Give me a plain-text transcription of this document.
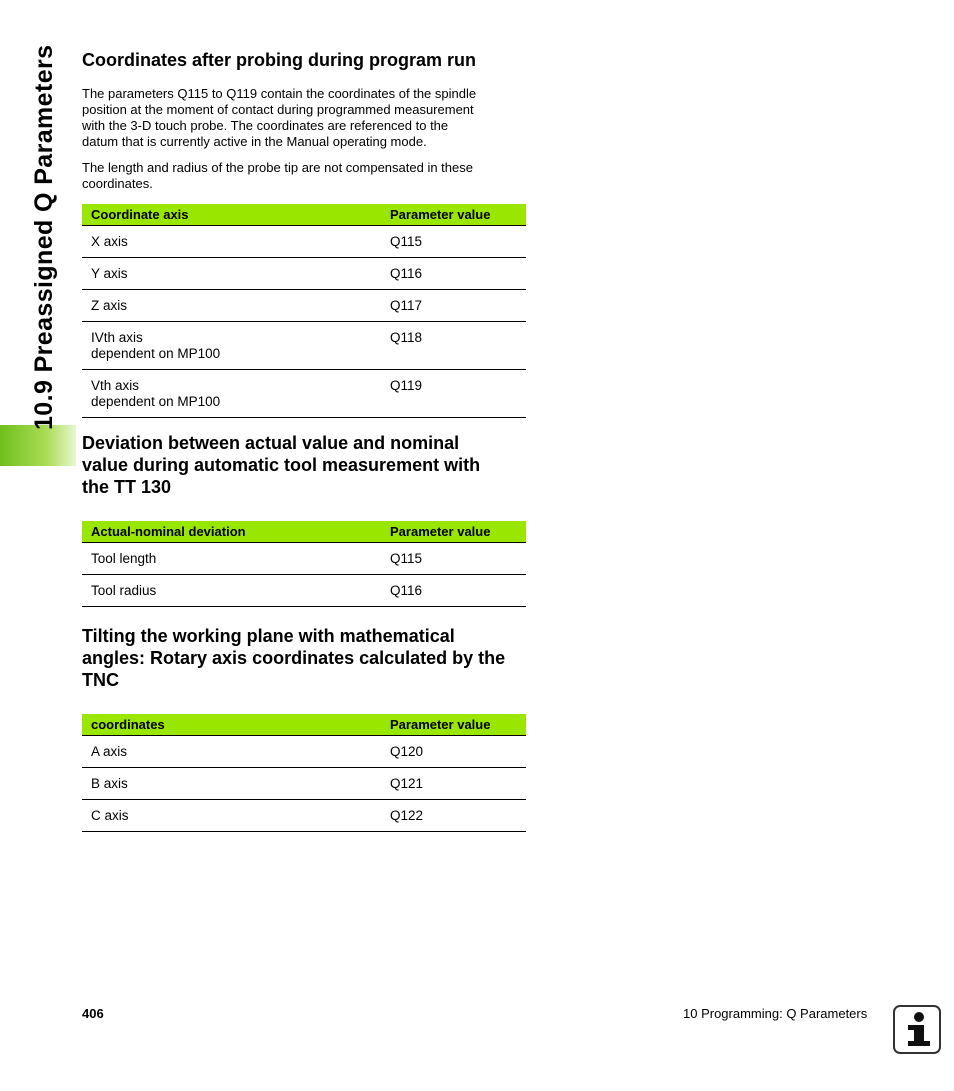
10.9 Preassigned Q Parameters Coordinates after probing during program run

The parameters Q115 to Q119 contain the coordinates of the spindle

position at the moment of contact during programmed measurement

with the 3-D touch probe. The coordinates are referenced to the

datum that is currently active in the Manual operating mode.

The length and radius of the probe tip are not compensated in these

coordinates.

Coordinate axis	Parameter value
X axis	Q115
Y axis	Q116
Z axis	Q117

IVth axis
dependent on MP100	Q118

Vth axis
dependent on MP100	Q119
Deviation between actual value and nominal
value during automatic tool measurement with
the TT 130
Actual-nominal deviation	Parameter value
Tool length	Q115
Tool radius	Q116
Tilting the working plane with mathematical
angles: Rotary axis coordinates calculated by the
TNC
coordinates	Parameter value
A axis	Q120
B axis	Q121
C axis	Q122
406	10 Programming: Q Parameters
